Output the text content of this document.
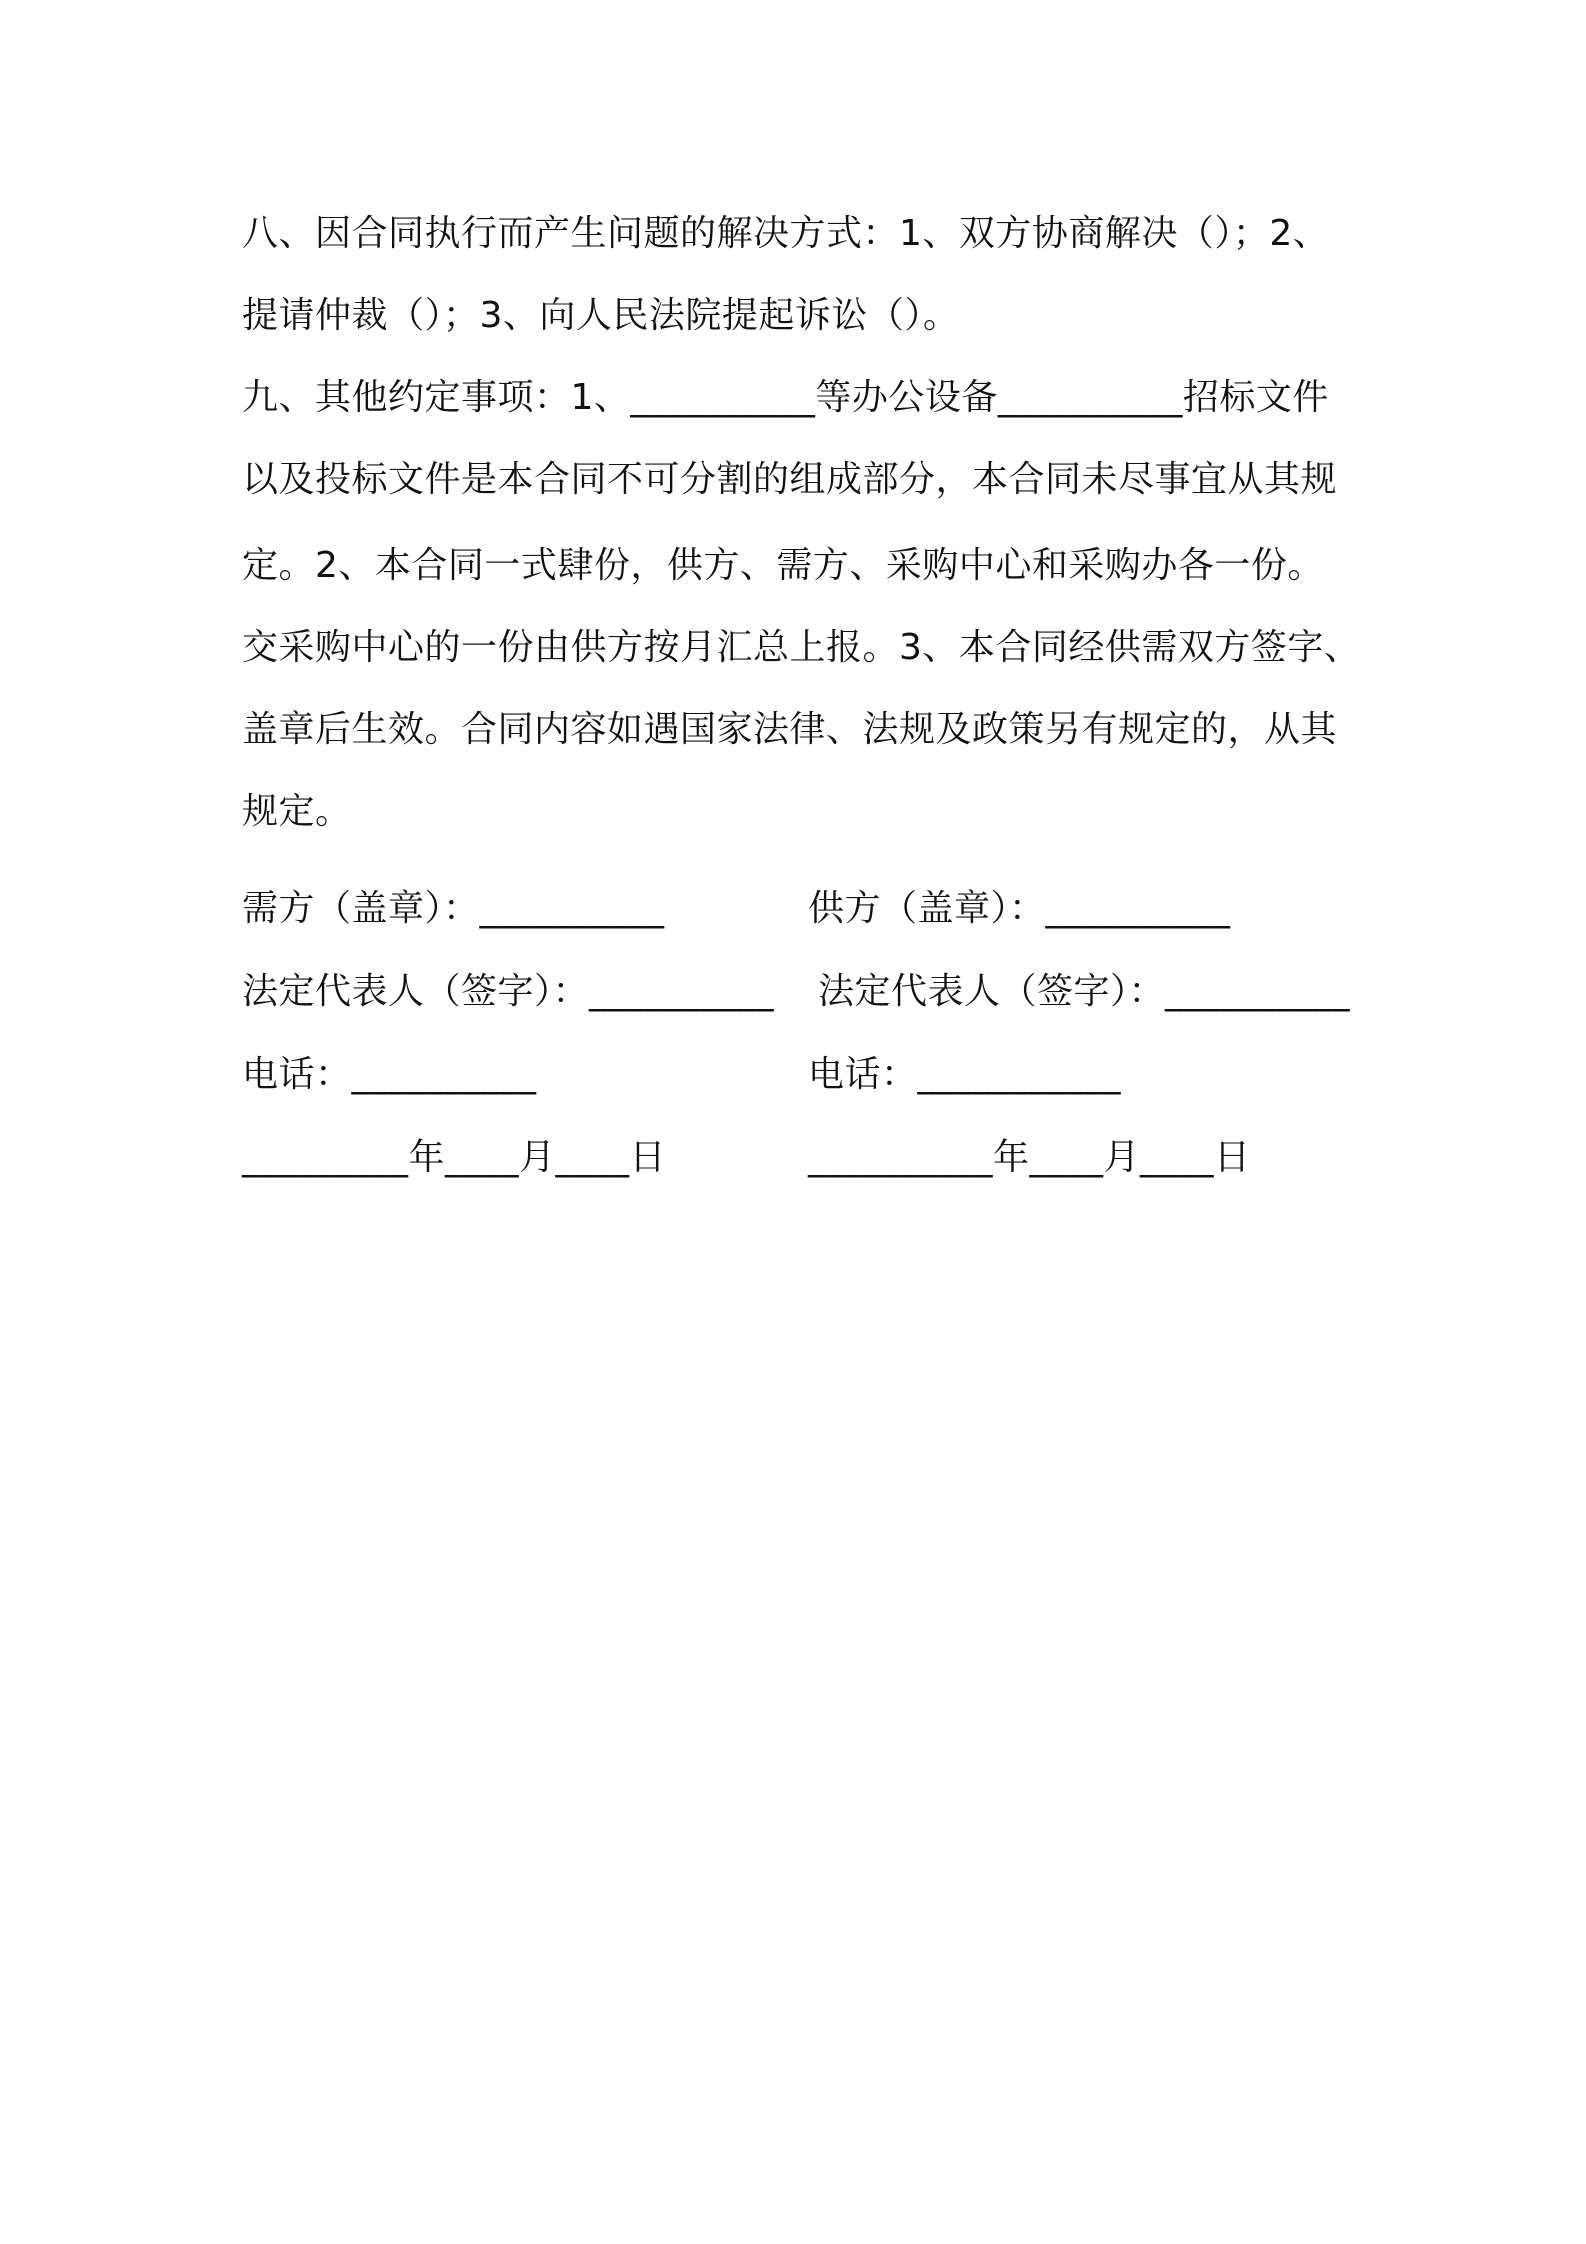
八、因合同执行而产生问题的解决方式：1、双方协商解决（）；2、
提请仲裁（）；3、向人民法院提起诉讼（）。
九、其他约定事项：1、__________等办公设备__________招标文件
以及投标文件是本合同不可分割的组成部分，本合同未尽事宜从其规
定。2、本合同一式肆份，供方、需方、采购中心和采购办各一份。
交采购中心的一份由供方按月汇总上报。3、本合同经供需双方签字、
盖章后生效。合同内容如遇国家法律、法规及政策另有规定的，从其
规定。
需方（盖章）：__________	供方（盖章）：__________
法定代表人（签字）：__________ 法定代表人（签字）：__________
电话：__________	电话：___________
_________年____月____日	__________年____月____日
